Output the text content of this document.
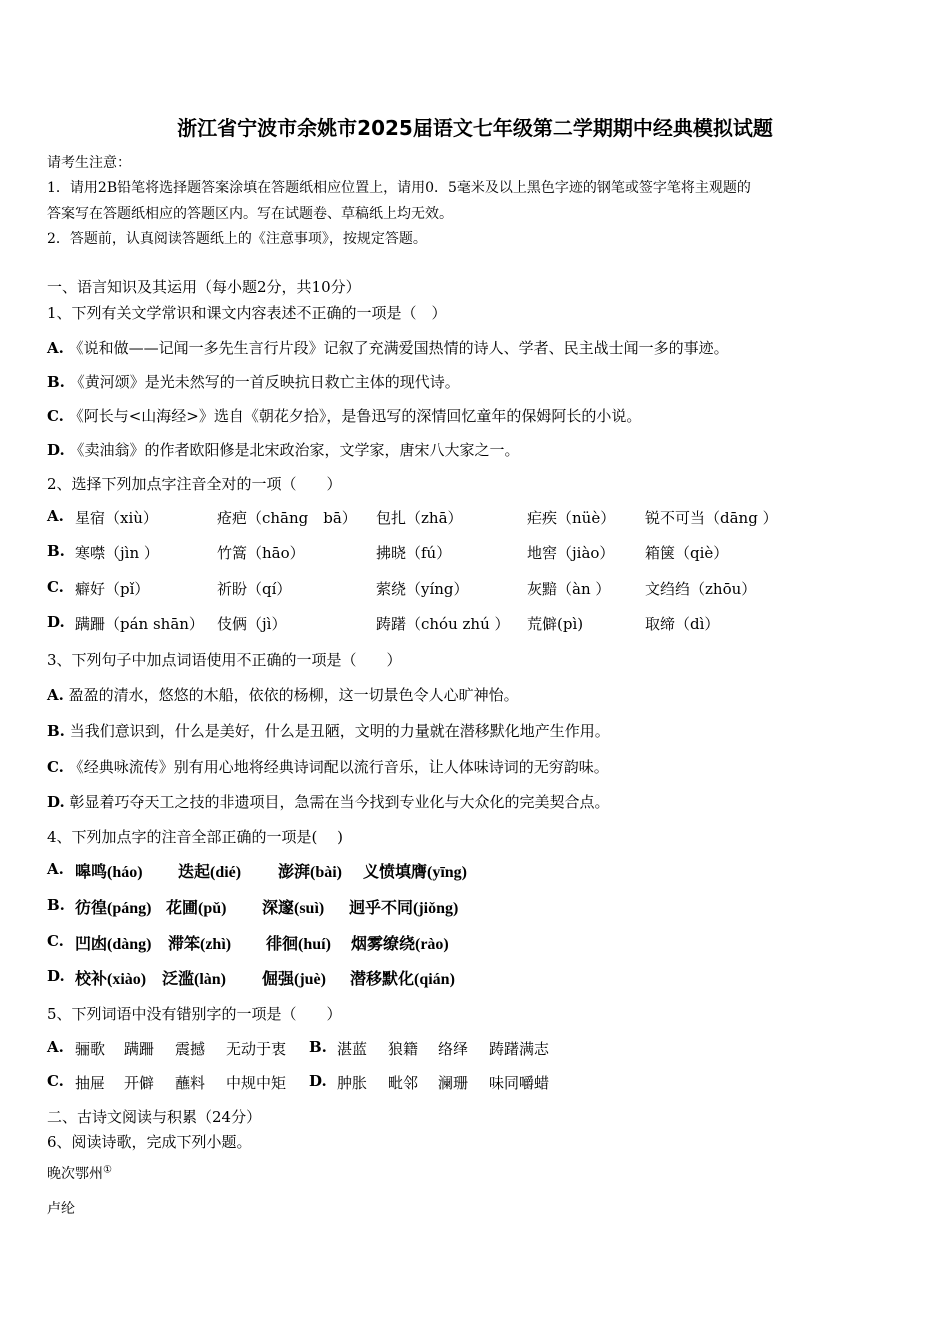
浙江省宁波市余姚市2025届语文七年级第二学期期中经典模拟试题
请考生注意：
1．请用2B铅笔将选择题答案涂填在答题纸相应位置上，请用0．5毫米及以上黑色字迹的钢笔或签字笔将主观题的
答案写在答题纸相应的答题区内。写在试题卷、草稿纸上均无效。
2．答题前，认真阅读答题纸上的《注意事项》，按规定答题。
一、语言知识及其运用（每小题2分，共10分）
1、下列有关文学常识和课文内容表述不正确的一项是（　）
A. 《说和做——记闻一多先生言行片段》记叙了充满爱国热情的诗人、学者、民主战士闻一多的事迹。
B. 《黄河颂》是光未然写的一首反映抗日救亡主体的现代诗。
C. 《阿长与<山海经>》选自《朝花夕拾》，是鲁迅写的深情回忆童年的保姆阿长的小说。
D. 《卖油翁》的作者欧阳修是北宋政治家，文学家，唐宋八大家之一。
2、选择下列加点字注音全对的一项（　　）
A. 星宿（xiù）	疮疤（chāng　bā） 包扎（zhā）	疟疾（nüè） 锐不可当（dāng ）
B. 寒噤（jìn ）	竹篙（hāo）	拂晓（fú）	地窖（jiào） 箱箧（qiè）
C. 癖好（pǐ）	祈盼（qí）	萦绕（yíng）	灰黯（àn ） 文绉绉（zhōu）
D. 蹒跚（pán shān） 伎俩（jì）	踌躇（chóu zhú ） 荒僻(pì)	取缔（dì）
3、下列句子中加点词语使用不正确的一项是（　　）
A. 盈盈的清水，悠悠的木船，依依的杨柳，这一切景色令人心旷神怡。
B. 当我们意识到，什么是美好，什么是丑陋，文明的力量就在潜移默化地产生作用。
C. 《经典咏流传》别有用心地将经典诗词配以流行音乐，让人体味诗词的无穷韵味。
D. 彰显着巧夺天工之技的非遗项目，急需在当今找到专业化与大众化的完美契合点。
4、下列加点字的注音全部正确的一项是(　 )
A. 嗥鸣(háo) 迭起(dié) 澎湃(bài) 义愤填膺(yīng)
B. 彷徨(páng) 花圃(pǔ) 深邃(suì) 迥乎不同(jiǒng)
C. 凹凼(dàng) 滞笨(zhì) 徘徊(huí) 烟雾缭绕(rào)
D. 校补(xiào) 泛滥(làn) 倔强(juè) 潜移默化(qián)
5、下列词语中没有错别字的一项是（　　）
A. 骊歌 蹒跚 震撼 无动于衷 B. 湛蓝 狼籍 络绎 踌躇满志
C. 抽屉 开僻 蘸料 中规中矩 D. 肿胀 毗邻 澜珊 味同嚼蜡
二、古诗文阅读与积累（24分）
6、阅读诗歌，完成下列小题。
晚次鄂州①
卢纶
